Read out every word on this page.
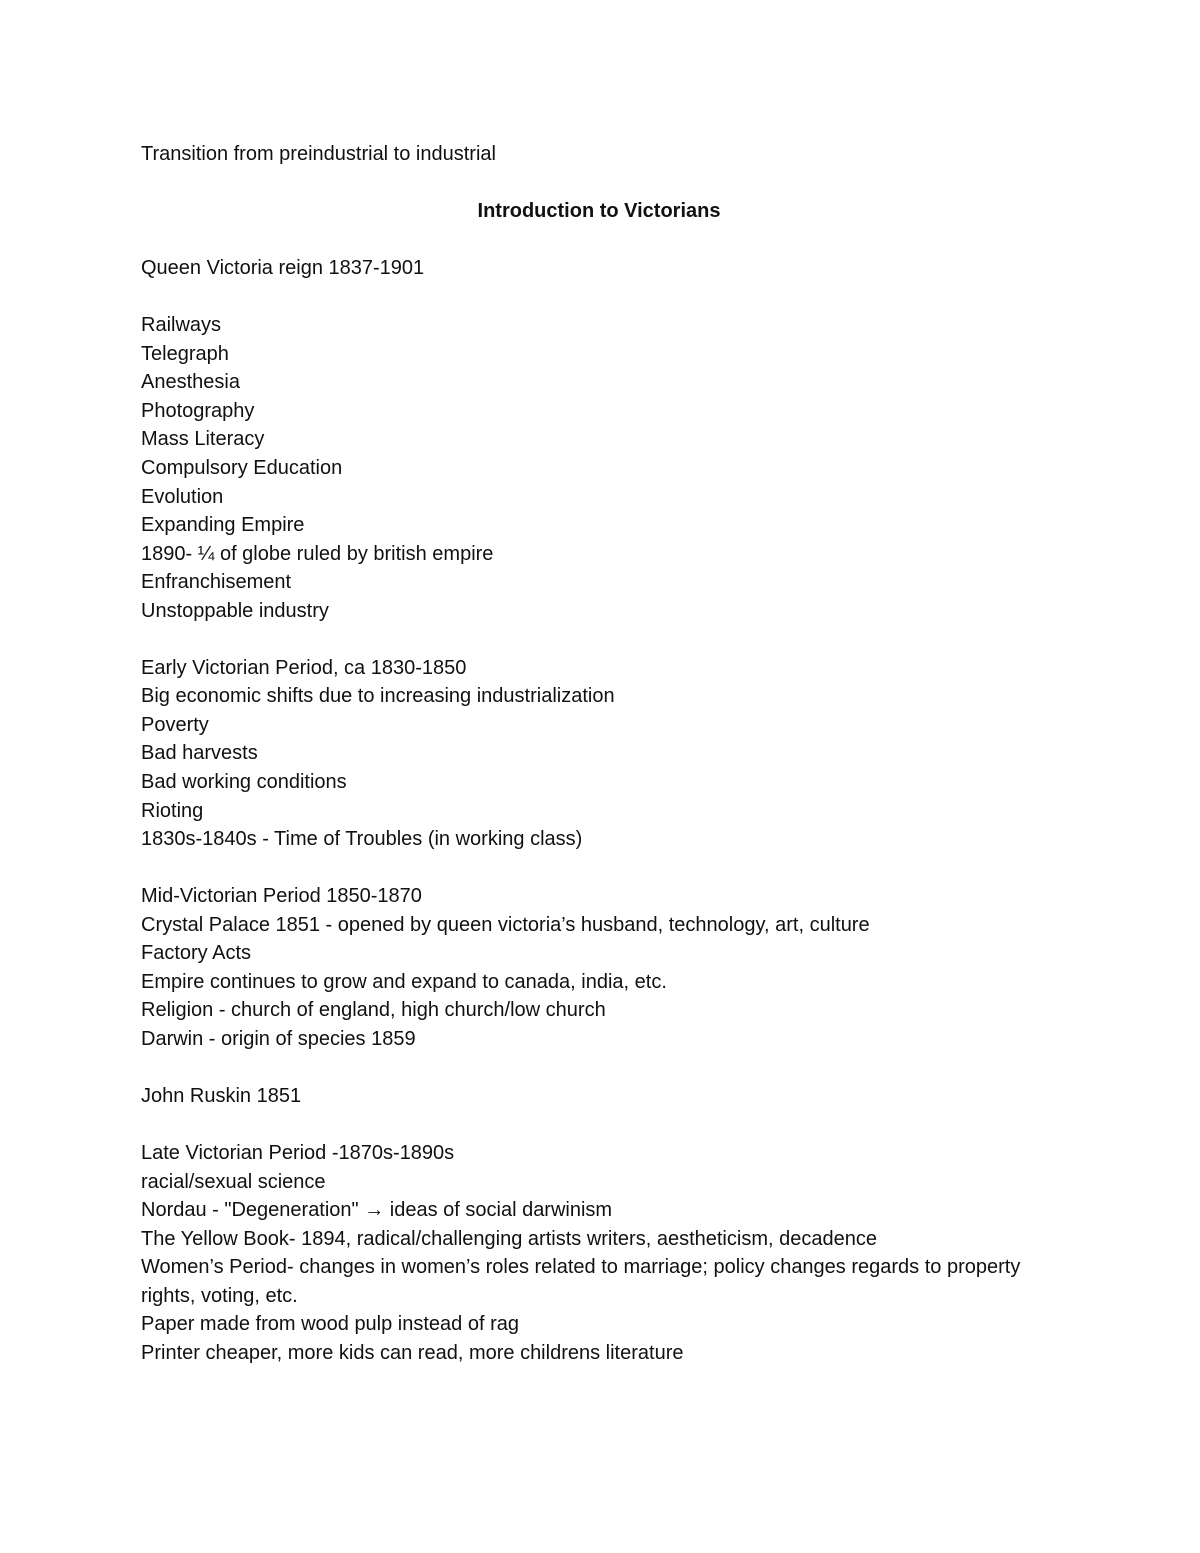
Transition from preindustrial to industrial
Introduction to Victorians
Queen Victoria reign 1837-1901
Railways
Telegraph
Anesthesia
Photography
Mass Literacy
Compulsory Education
Evolution
Expanding Empire
1890- ¼ of globe ruled by british empire
Enfranchisement
Unstoppable industry
Early Victorian Period, ca 1830-1850
Big economic shifts due to increasing industrialization
Poverty
Bad harvests
Bad working conditions
Rioting
1830s-1840s - Time of Troubles (in working class)
Mid-Victorian Period 1850-1870
Crystal Palace 1851 - opened by queen victoria’s husband, technology, art, culture
Factory Acts
Empire continues to grow and expand to canada, india, etc.
Religion - church of england, high church/low church
Darwin - origin of species 1859
John Ruskin 1851
Late Victorian Period -1870s-1890s
racial/sexual science
Nordau - "Degeneration" → ideas of social darwinism
The Yellow Book- 1894, radical/challenging artists writers, aestheticism, decadence
Women’s Period- changes in women’s roles related to marriage; policy changes regards to property rights, voting, etc.
Paper made from wood pulp instead of rag
Printer cheaper, more kids can read, more childrens literature
